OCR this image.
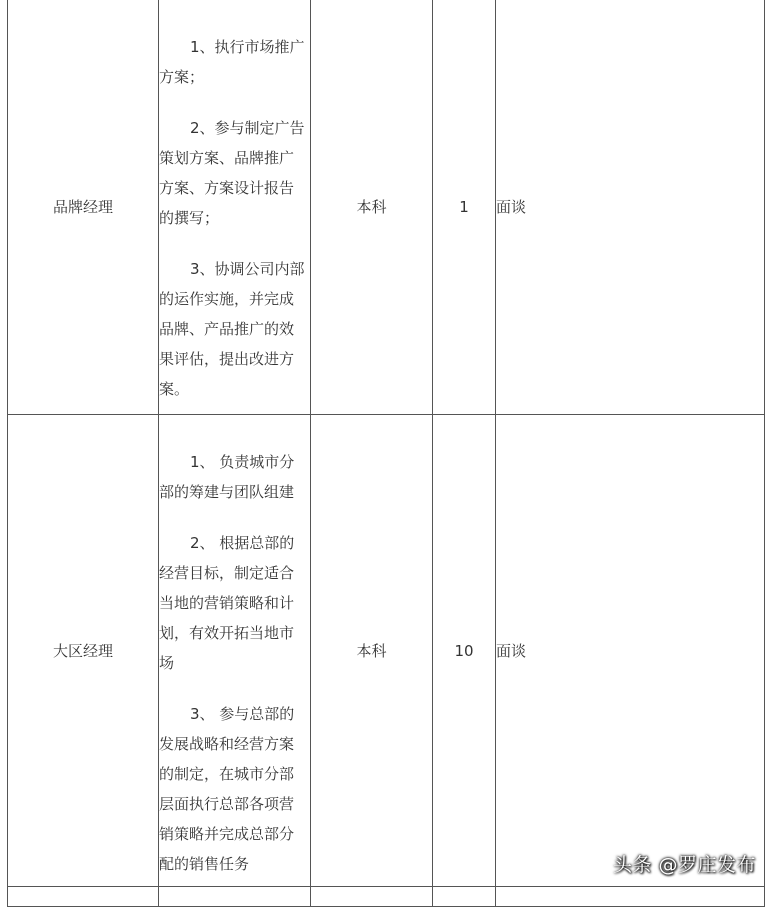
品牌经理	1、执行市场推广方案；

2、参与制定广告策划方案、品牌推广方案、方案设计报告的撰写；

3、协调公司内部的运作实施，并完成品牌、产品推广的效果评估，提出改进方案。	本科	1	面谈
大区经理	1、 负责城市分部的筹建与团队组建

2、 根据总部的经营目标，制定适合当地的营销策略和计划，有效开拓当地市场

3、 参与总部的发展战略和经营方案的制定，在城市分部层面执行总部各项营销策略并完成总部分配的销售任务	本科	10	面谈

头条 @罗庄发布
